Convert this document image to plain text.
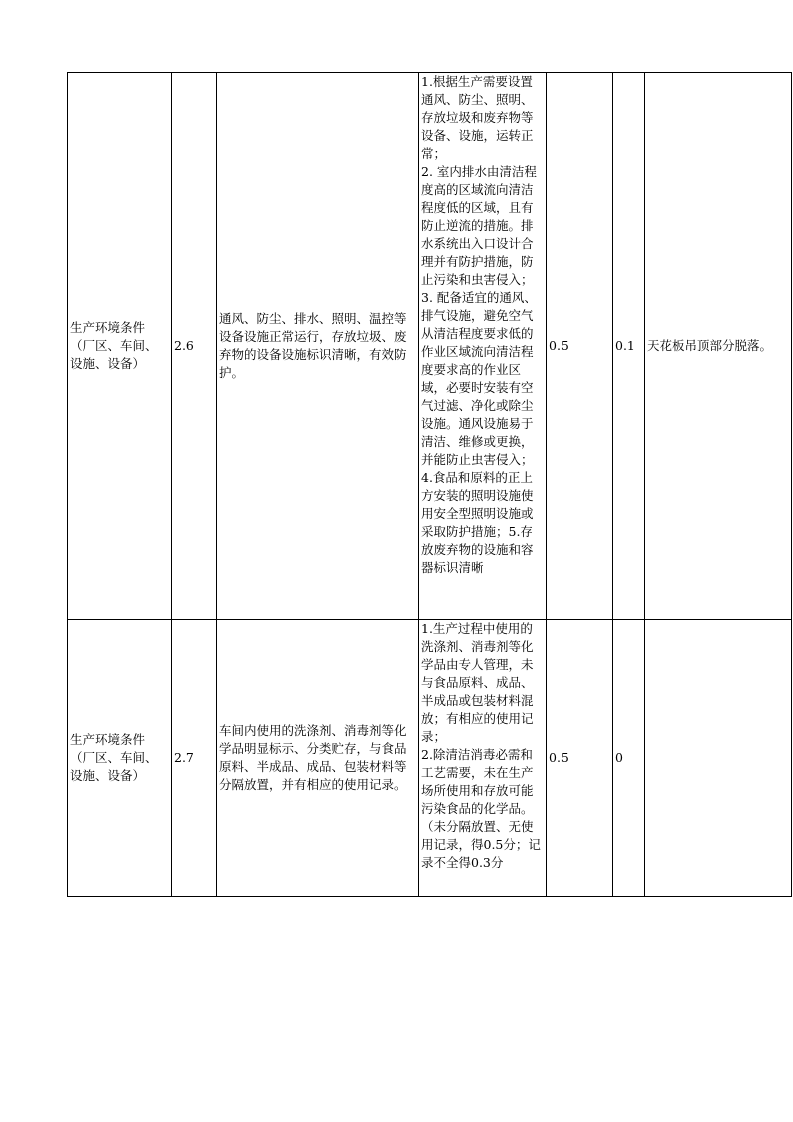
生产环境条件（厂区、车间、设施、设备）	2.6	通风、防尘、排水、照明、温控等设备设施正常运行，存放垃圾、废弃物的设备设施标识清晰，有效防护。	1.根据生产需要设置通风、防尘、照明、存放垃圾和废弃物等设备、设施，运转正常；
2. 室内排水由清洁程度高的区域流向清洁程度低的区域，且有防止逆流的措施。排水系统出入口设计合理并有防护措施，防止污染和虫害侵入；
3. 配备适宜的通风、排气设施，避免空气从清洁程度要求低的作业区域流向清洁程度要求高的作业区域，必要时安装有空气过滤、净化或除尘设施。通风设施易于清洁、维修或更换，并能防止虫害侵入；4.食品和原料的正上方安装的照明设施使用安全型照明设施或采取防护措施；5.存放废弃物的设施和容器标识清晰	0.5	0.1	天花板吊顶部分脱落。

生产环境条件（厂区、车间、设施、设备）	2.7	车间内使用的洗涤剂、消毒剂等化学品明显标示、分类贮存，与食品原料、半成品、成品、包装材料等分隔放置，并有相应的使用记录。	1.生产过程中使用的洗涤剂、消毒剂等化学品由专人管理，未与食品原料、成品、半成品或包装材料混放；有相应的使用记录；
2.除清洁消毒必需和工艺需要，未在生产场所使用和存放可能污染食品的化学品。（未分隔放置、无使用记录，得0.5分；记录不全得0.3分	0.5	0	
